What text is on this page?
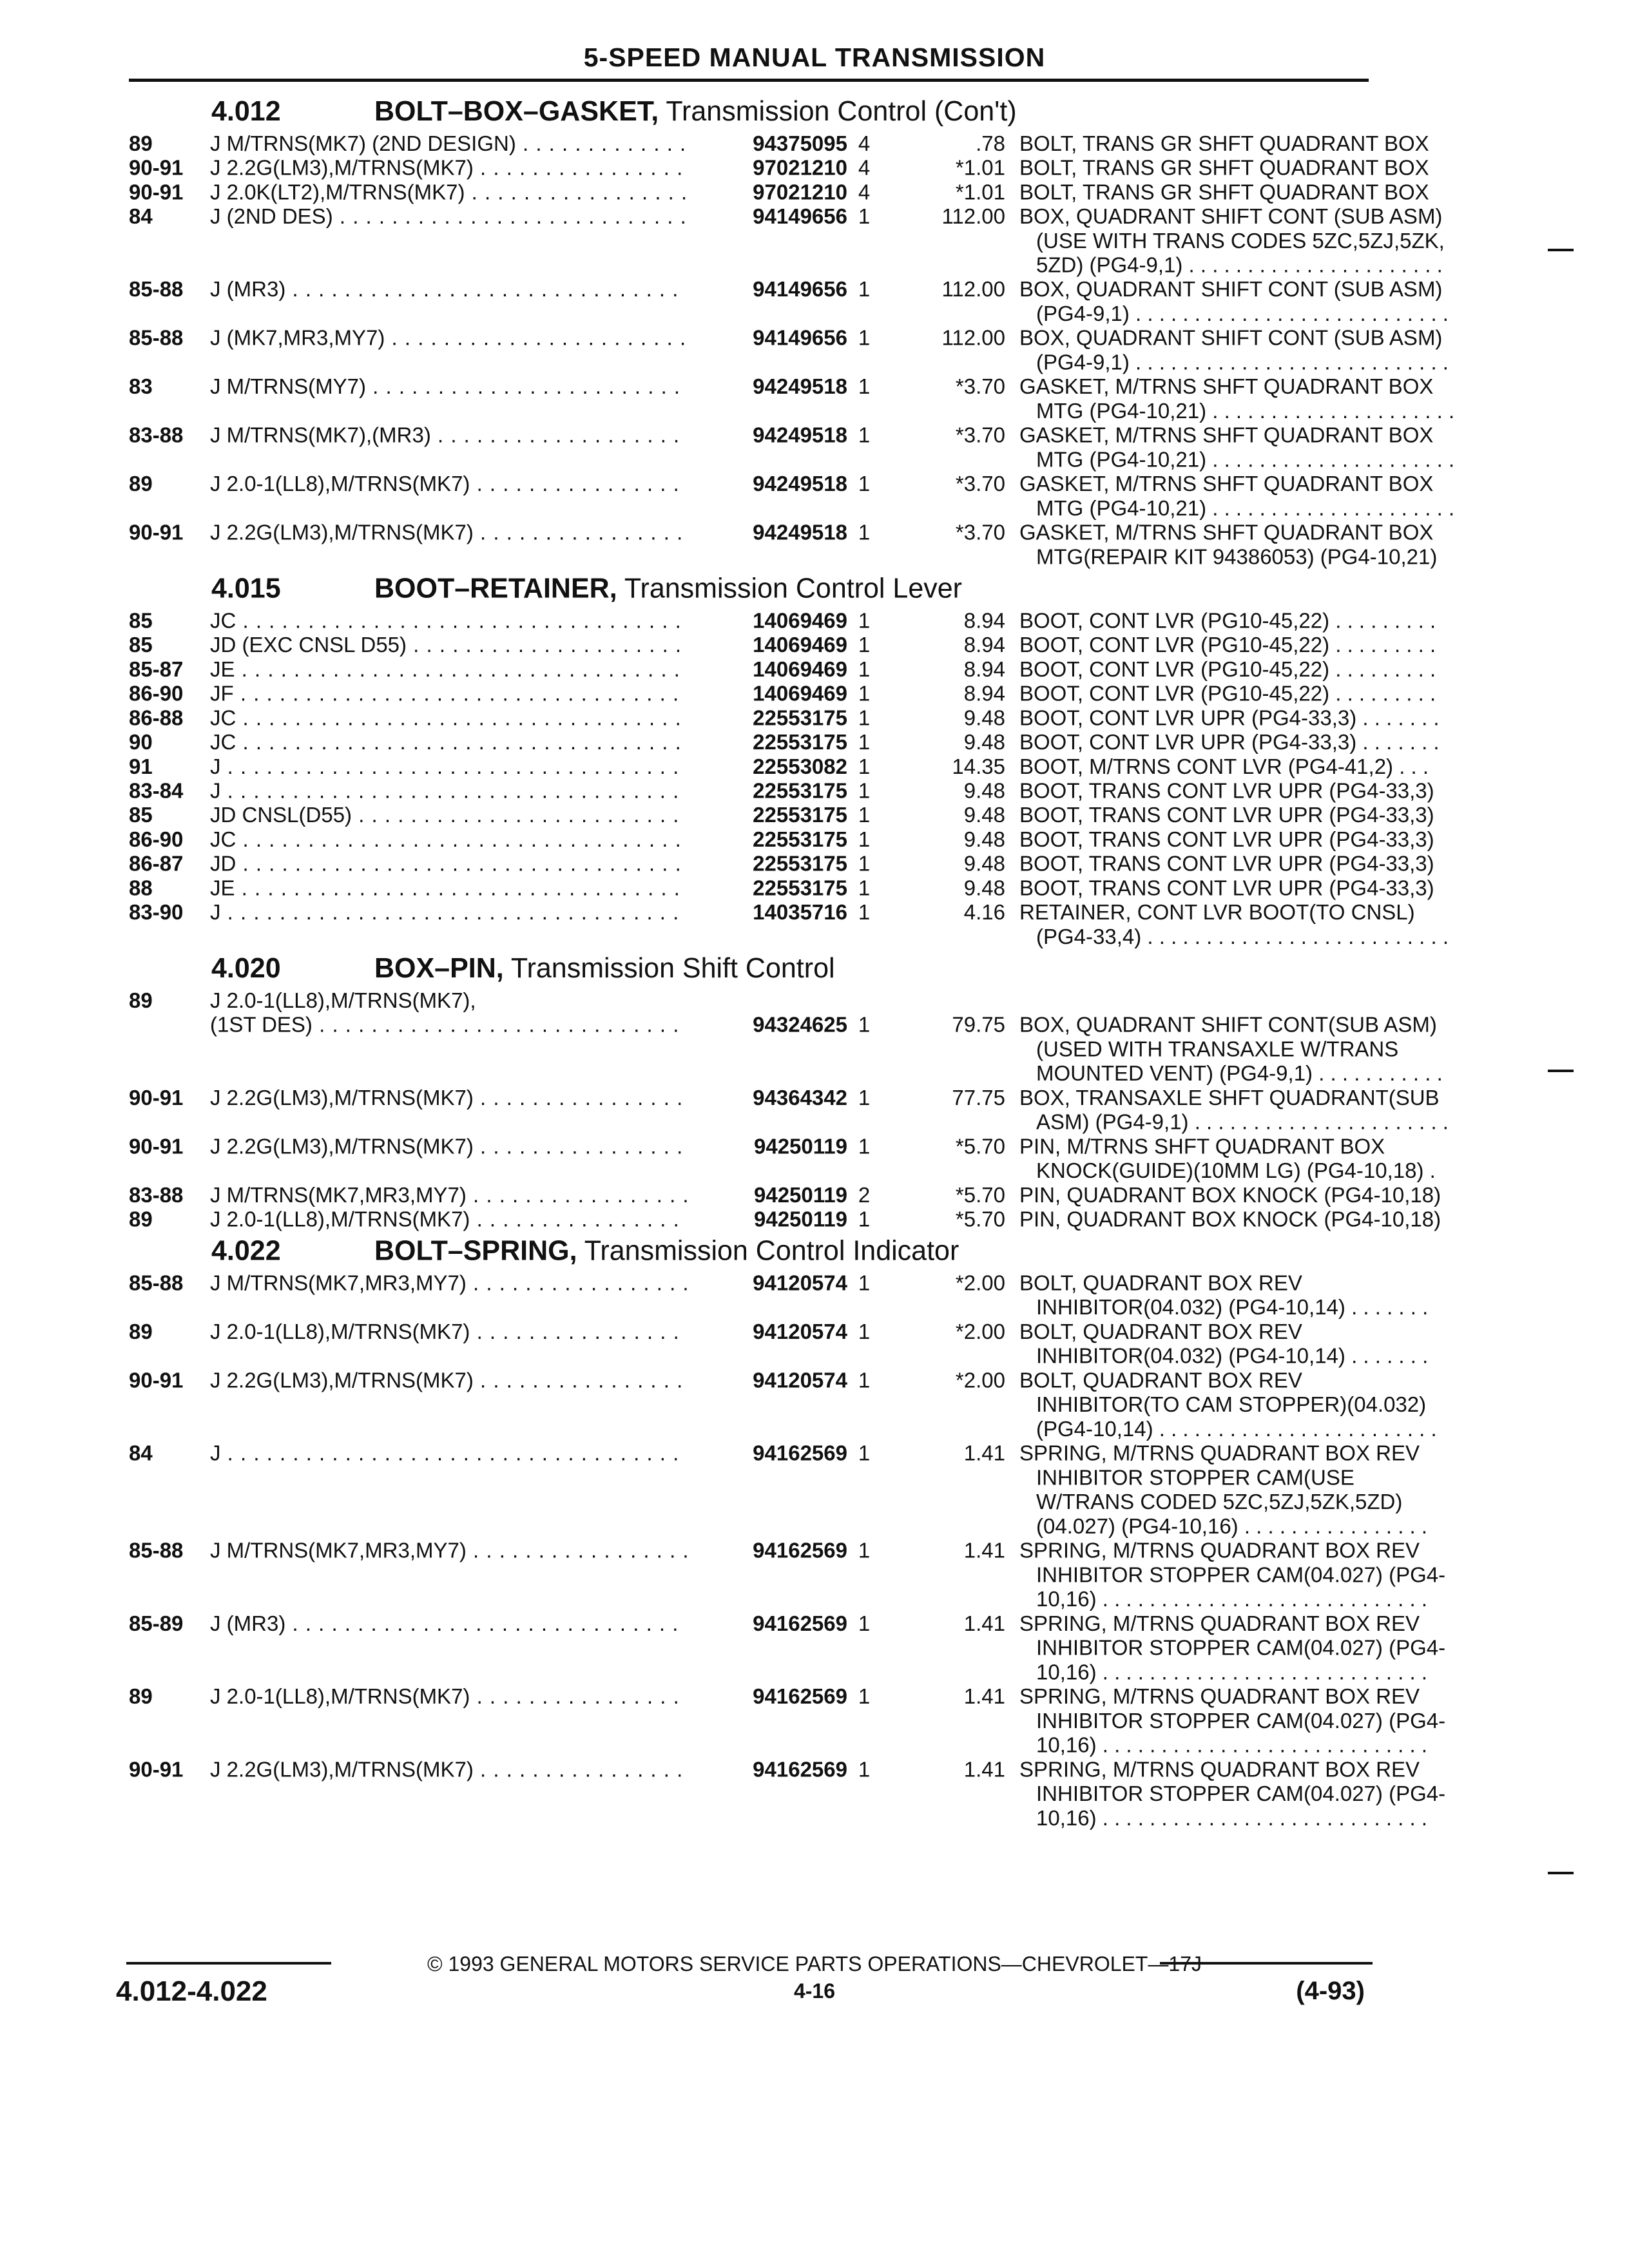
5-SPEED MANUAL TRANSMISSION
4.012	BOLT–BOX–GASKET, Transmission Control (Con't)
89	J M/TRNS(MK7) (2ND DESIGN) . . .	94375095 4	.78 BOLT, TRANS GR SHFT QUADRANT BOX
90-91 J 2.2G(LM3),M/TRNS(MK7) . . .	97021210 4	*1.01 BOLT, TRANS GR SHFT QUADRANT BOX
90-91 J 2.0K(LT2),M/TRNS(MK7) . . .	97021210 4	*1.01 BOLT, TRANS GR SHFT QUADRANT BOX
84	J (2ND DES) . . .	94149656 1	112.00 BOX, QUADRANT SHIFT CONT (SUB ASM)
(USE WITH TRANS CODES 5ZC,5ZJ,5ZK,
5ZD) (PG4-9,1) . . . . . . . . . . . . . . . . . . . . . .
85-88 J (MR3) . . .	94149656 1	112.00 BOX, QUADRANT SHIFT CONT (SUB ASM)
(PG4-9,1) . . . . . . . . . . . . . . . . . . . . . . . . . . .
85-88 J (MK7,MR3,MY7) . . .	94149656 1	112.00 BOX, QUADRANT SHIFT CONT (SUB ASM)
(PG4-9,1) . . . . . . . . . . . . . . . . . . . . . . . . . . .
83	J M/TRNS(MY7) . . .	94249518 1	*3.70 GASKET, M/TRNS SHFT QUADRANT BOX
MTG (PG4-10,21) . . . . . . . . . . . . . . . . . . . . .
83-88 J M/TRNS(MK7),(MR3) . . .	94249518 1	*3.70 GASKET, M/TRNS SHFT QUADRANT BOX
MTG (PG4-10,21) . . . . . . . . . . . . . . . . . . . . .
89	J 2.0-1(LL8),M/TRNS(MK7) . . .	94249518 1	*3.70 GASKET, M/TRNS SHFT QUADRANT BOX
MTG (PG4-10,21) . . . . . . . . . . . . . . . . . . . . .
90-91 J 2.2G(LM3),M/TRNS(MK7) . . .	94249518 1	*3.70 GASKET, M/TRNS SHFT QUADRANT BOX
MTG(REPAIR KIT 94386053) (PG4-10,21)
4.015	BOOT–RETAINER, Transmission Control Lever
85	JC . . .	14069469 1	8.94 BOOT, CONT LVR (PG10-45,22) . . . . . . . . .
85	JD (EXC CNSL D55) . . .	14069469 1	8.94 BOOT, CONT LVR (PG10-45,22) . . . . . . . . .
85-87 JE . . .	14069469 1	8.94 BOOT, CONT LVR (PG10-45,22) . . . . . . . . .
86-90 JF . . .	14069469 1	8.94 BOOT, CONT LVR (PG10-45,22) . . . . . . . . .
86-88 JC . . .	22553175 1	9.48 BOOT, CONT LVR UPR (PG4-33,3) . . . . . . .
90	JC . . .	22553175 1	9.48 BOOT, CONT LVR UPR (PG4-33,3) . . . . . . .
91	J . . .	22553082 1	14.35 BOOT, M/TRNS CONT LVR (PG4-41,2) . . .
83-84 J . . .	22553175 1	9.48 BOOT, TRANS CONT LVR UPR (PG4-33,3)
85	JD CNSL(D55) . . .	22553175 1	9.48 BOOT, TRANS CONT LVR UPR (PG4-33,3)
86-90 JC . . .	22553175 1	9.48 BOOT, TRANS CONT LVR UPR (PG4-33,3)
86-87 JD . . .	22553175 1	9.48 BOOT, TRANS CONT LVR UPR (PG4-33,3)
88	JE . . .	22553175 1	9.48 BOOT, TRANS CONT LVR UPR (PG4-33,3)
83-90 J . . .	14035716 1	4.16 RETAINER, CONT LVR BOOT(TO CNSL)
(PG4-33,4) . . . . . . . . . . . . . . . . . . . . . . . . . .
4.020	BOX–PIN, Transmission Shift Control
89	J 2.0-1(LL8),M/TRNS(MK7),
(1ST DES) . . .	94324625 1	79.75 BOX, QUADRANT SHIFT CONT(SUB ASM)
(USED WITH TRANSAXLE W/TRANS
MOUNTED VENT) (PG4-9,1) . . . . . . . . . . .
90-91 J 2.2G(LM3),M/TRNS(MK7) . . .	94364342 1	77.75 BOX, TRANSAXLE SHFT QUADRANT(SUB
ASM) (PG4-9,1) . . . . . . . . . . . . . . . . . . . . . .
90-91 J 2.2G(LM3),M/TRNS(MK7) . . .	94250119 1	*5.70 PIN, M/TRNS SHFT QUADRANT BOX
KNOCK(GUIDE)(10MM LG) (PG4-10,18) .
83-88 J M/TRNS(MK7,MR3,MY7) . . .	94250119 2	*5.70 PIN, QUADRANT BOX KNOCK (PG4-10,18)
89	J 2.0-1(LL8),M/TRNS(MK7) . . .	94250119 1	*5.70 PIN, QUADRANT BOX KNOCK (PG4-10,18)
4.022	BOLT–SPRING, Transmission Control Indicator
85-88 J M/TRNS(MK7,MR3,MY7) . . .	94120574 1	*2.00 BOLT, QUADRANT BOX REV
INHIBITOR(04.032) (PG4-10,14) . . . . . . .
89	J 2.0-1(LL8),M/TRNS(MK7) . . .	94120574 1	*2.00 BOLT, QUADRANT BOX REV
INHIBITOR(04.032) (PG4-10,14) . . . . . . .
90-91 J 2.2G(LM3),M/TRNS(MK7) . . .	94120574 1	*2.00 BOLT, QUADRANT BOX REV
INHIBITOR(TO CAM STOPPER)(04.032)
(PG4-10,14) . . . . . . . . . . . . . . . . . . . . . . . .
84	J . . .	94162569 1	1.41 SPRING, M/TRNS QUADRANT BOX REV
INHIBITOR STOPPER CAM(USE
W/TRANS CODED 5ZC,5ZJ,5ZK,5ZD)
(04.027) (PG4-10,16) . . . . . . . . . . . . . . . .
85-88 J M/TRNS(MK7,MR3,MY7) . . .	94162569 1	1.41 SPRING, M/TRNS QUADRANT BOX REV
INHIBITOR STOPPER CAM(04.027) (PG4-
10,16) . . . . . . . . . . . . . . . . . . . . . . . . . . . .
85-89 J (MR3) . . .	94162569 1	1.41 SPRING, M/TRNS QUADRANT BOX REV
INHIBITOR STOPPER CAM(04.027) (PG4-
10,16) . . . . . . . . . . . . . . . . . . . . . . . . . . . .
89	J 2.0-1(LL8),M/TRNS(MK7) . . .	94162569 1	1.41 SPRING, M/TRNS QUADRANT BOX REV
INHIBITOR STOPPER CAM(04.027) (PG4-
10,16) . . . . . . . . . . . . . . . . . . . . . . . . . . . .
90-91 J 2.2G(LM3),M/TRNS(MK7) . . .	94162569 1	1.41 SPRING, M/TRNS QUADRANT BOX REV
INHIBITOR STOPPER CAM(04.027) (PG4-
10,16) . . . . . . . . . . . . . . . . . . . . . . . . . . . .
© 1993 GENERAL MOTORS SERVICE PARTS OPERATIONS—CHEVROLET—17J
4.012-4.022	4-16	(4-93)
